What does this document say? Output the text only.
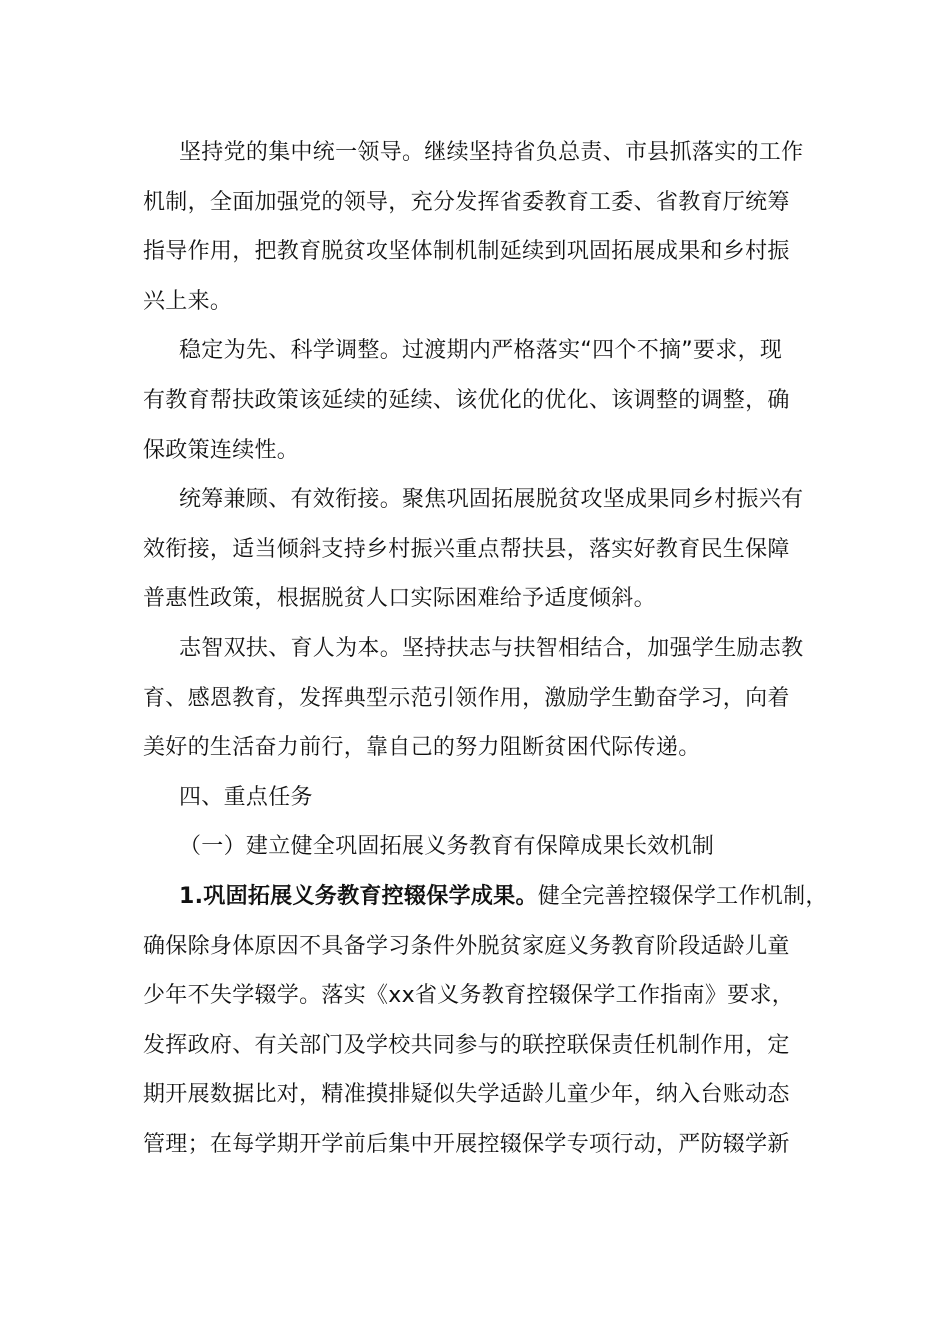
坚持党的集中统一领导。继续坚持省负总责、市县抓落实的工作
机制，全面加强党的领导，充分发挥省委教育工委、省教育厅统筹
指导作用，把教育脱贫攻坚体制机制延续到巩固拓展成果和乡村振
兴上来。
稳定为先、科学调整。过渡期内严格落实“四个不摘”要求，现
有教育帮扶政策该延续的延续、该优化的优化、该调整的调整，确
保政策连续性。
统筹兼顾、有效衔接。聚焦巩固拓展脱贫攻坚成果同乡村振兴有
效衔接，适当倾斜支持乡村振兴重点帮扶县，落实好教育民生保障
普惠性政策，根据脱贫人口实际困难给予适度倾斜。
志智双扶、育人为本。坚持扶志与扶智相结合，加强学生励志教
育、感恩教育，发挥典型示范引领作用，激励学生勤奋学习，向着
美好的生活奋力前行，靠自己的努力阻断贫困代际传递。
四、重点任务
（一）建立健全巩固拓展义务教育有保障成果长效机制
1.巩固拓展义务教育控辍保学成果。健全完善控辍保学工作机制，
确保除身体原因不具备学习条件外脱贫家庭义务教育阶段适龄儿童
少年不失学辍学。落实《xx省义务教育控辍保学工作指南》要求，
发挥政府、有关部门及学校共同参与的联控联保责任机制作用，定
期开展数据比对，精准摸排疑似失学适龄儿童少年，纳入台账动态
管理；在每学期开学前后集中开展控辍保学专项行动，严防辍学新
